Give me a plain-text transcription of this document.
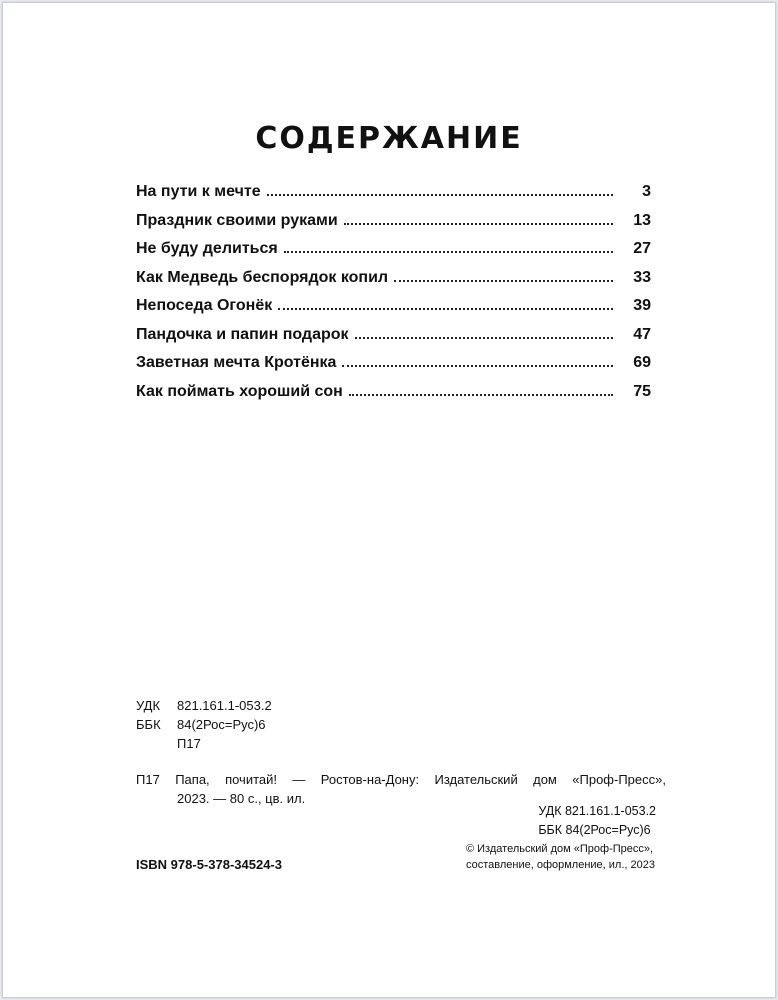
СОДЕРЖАНИЕ
На пути к мечте	3
Праздник своими руками	13
Не буду делиться	27
Как Медведь беспорядок копил	33
Непоседа Огонёк	39
Пандочка и папин подарок	47
Заветная мечта Кротёнка	69
Как поймать хороший сон	75
УДК	821.161.1-053.2
ББК	84(2Рос=Рус)6
П17
П17 Папа, почитай! — Ростов-на-Дону: Издательский дом «Проф-Пресс»,
2023. — 80 с., цв. ил.
УДК 821.161.1-053.2
ББК 84(2Рос=Рус)6
ISBN 978-5-378-34524-3
© Издательский дом «Проф-Пресс»,
составление, оформление, ил., 2023
